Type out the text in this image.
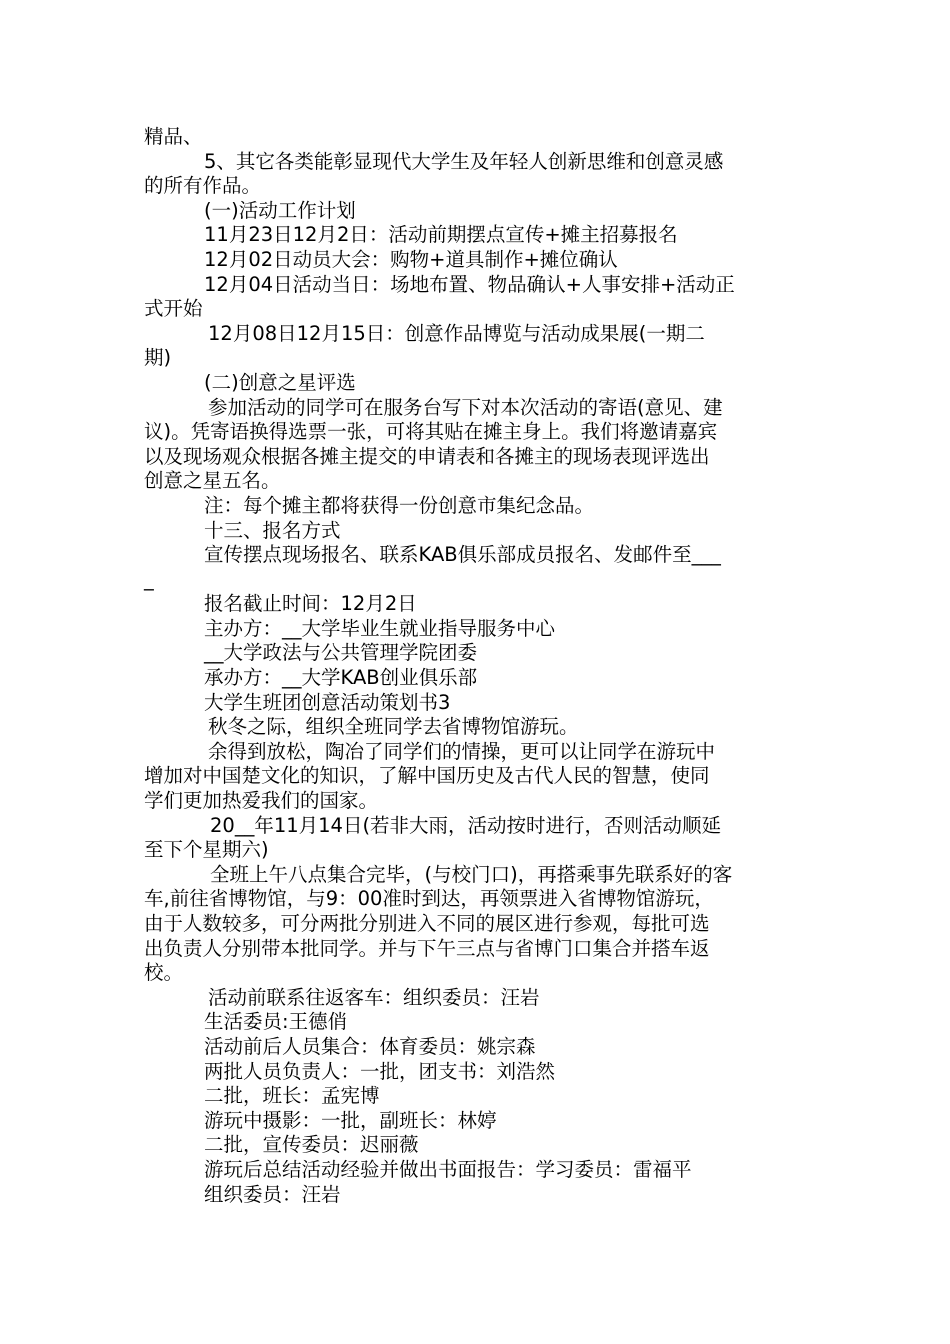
精品、
5、其它各类能彰显现代大学生及年轻人创新思维和创意灵感
的所有作品。
(一)活动工作计划
11月23日12月2日：活动前期摆点宣传+摊主招募报名
12月02日动员大会：购物+道具制作+摊位确认
12月04日活动当日：场地布置、物品确认+人事安排+活动正
式开始
12月08日12月15日：创意作品博览与活动成果展(一期二
期)
(二)创意之星评选
参加活动的同学可在服务台写下对本次活动的寄语(意见、建
议)。凭寄语换得选票一张，可将其贴在摊主身上。我们将邀请嘉宾
以及现场观众根据各摊主提交的申请表和各摊主的现场表现评选出
创意之星五名。
注：每个摊主都将获得一份创意市集纪念品。
十三、报名方式
宣传摆点现场报名、联系KAB俱乐部成员报名、发邮件至___
_
报名截止时间：12月2日
主办方：__大学毕业生就业指导服务中心
__大学政法与公共管理学院团委
承办方：__大学KAB创业俱乐部
大学生班团创意活动策划书3
秋冬之际，组织全班同学去省博物馆游玩。
余得到放松，陶冶了同学们的情操，更可以让同学在游玩中
增加对中国楚文化的知识，了解中国历史及古代人民的智慧，使同
学们更加热爱我们的国家。
20__年11月14日(若非大雨，活动按时进行，否则活动顺延
至下个星期六)
全班上午八点集合完毕，(与校门口)，再搭乘事先联系好的客
车,前往省博物馆，与9：00准时到达，再领票进入省博物馆游玩，
由于人数较多，可分两批分别进入不同的展区进行参观，每批可选
出负责人分别带本批同学。并与下午三点与省博门口集合并搭车返
校。
活动前联系往返客车：组织委员：汪岩
生活委员:王德俏
活动前后人员集合：体育委员：姚宗森
两批人员负责人：一批，团支书：刘浩然
二批，班长：孟宪博
游玩中摄影：一批，副班长：林婷
二批，宣传委员：迟丽薇
游玩后总结活动经验并做出书面报告：学习委员：雷福平
组织委员：汪岩
